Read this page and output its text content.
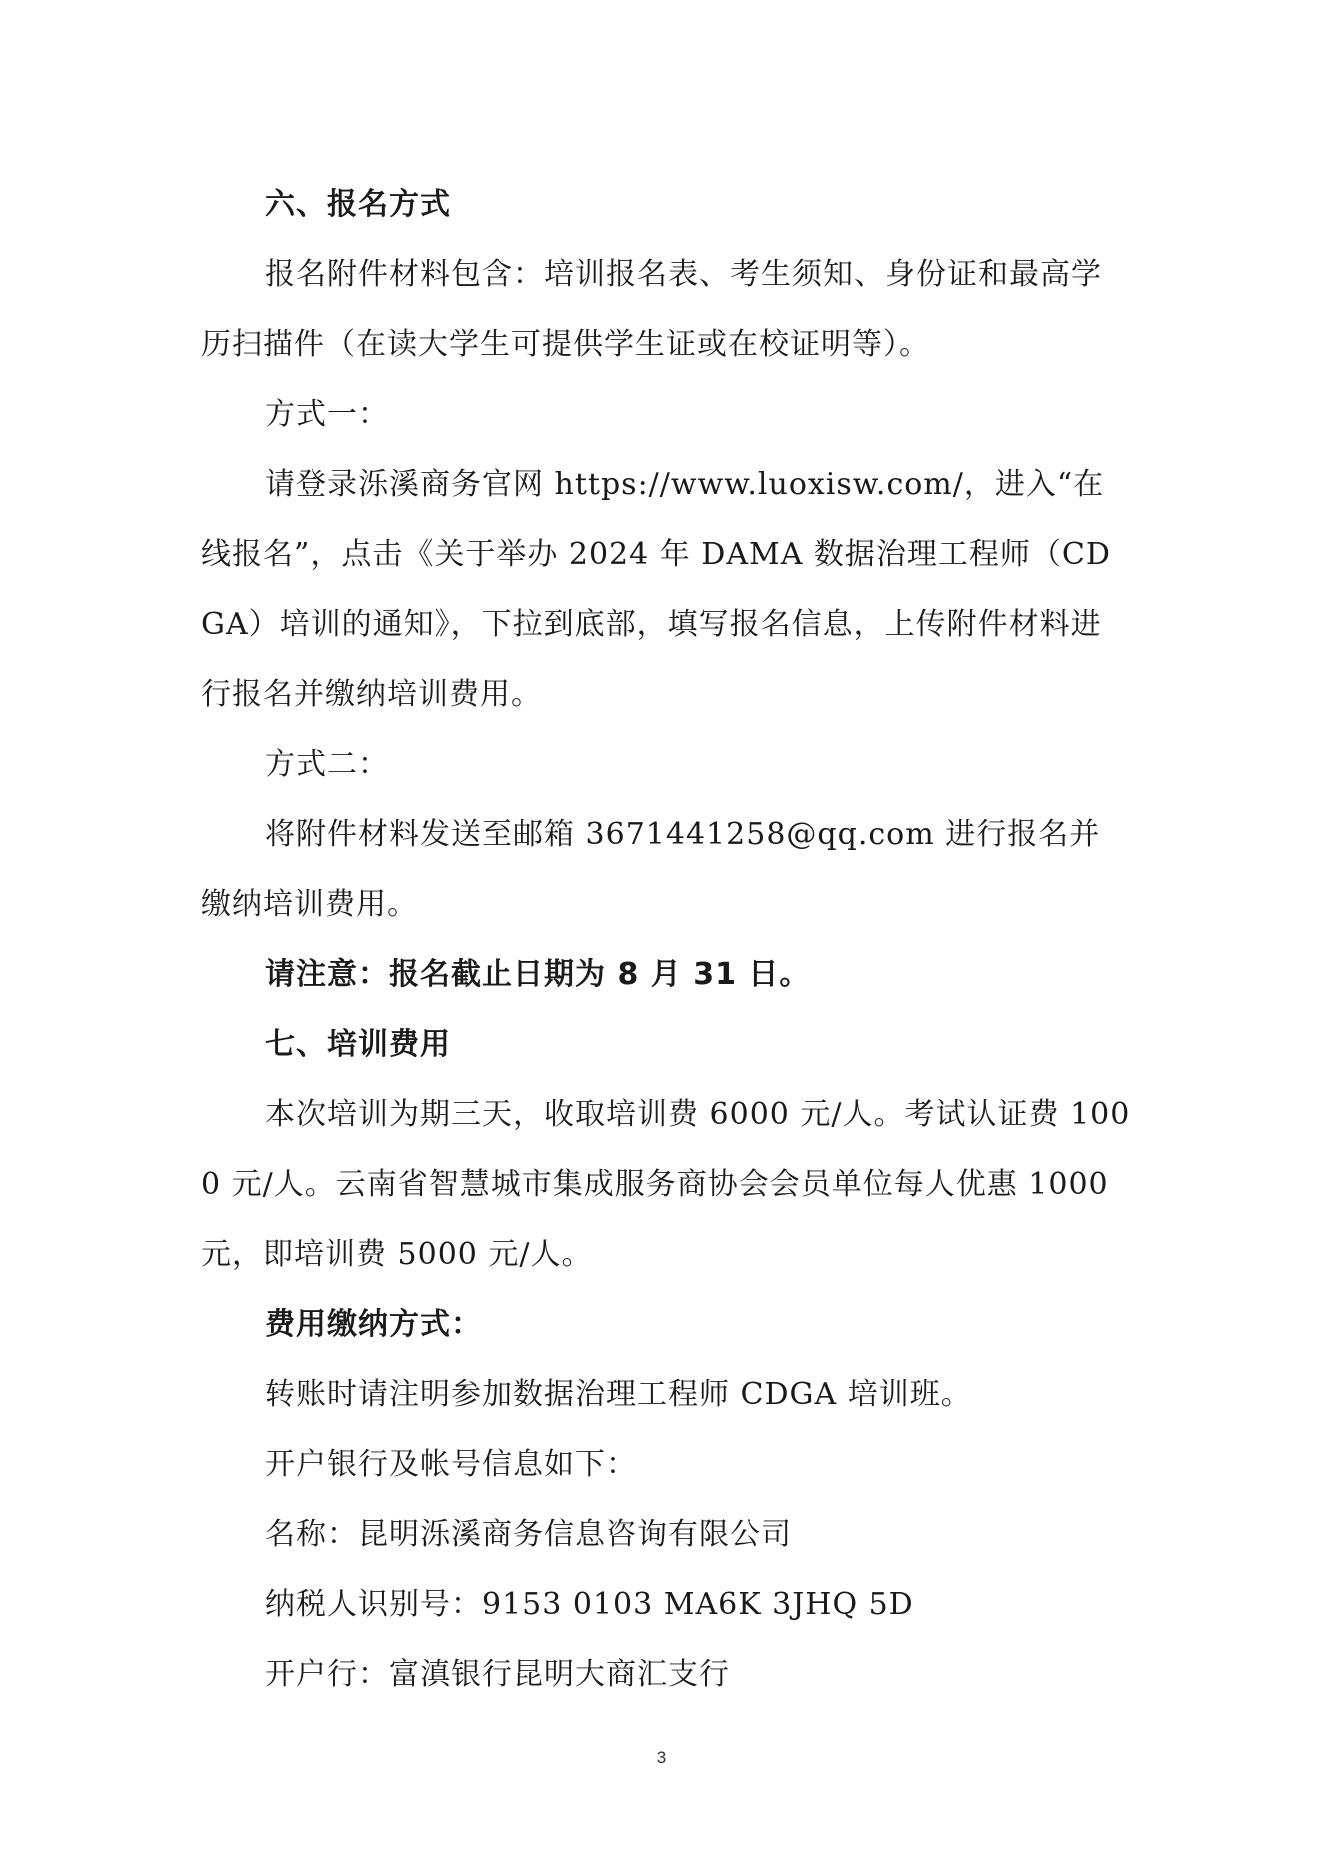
六、报名方式

报名附件材料包含：培训报名表、考生须知、身份证和最高学历扫描件（在读大学生可提供学生证或在校证明等）。

方式一：

请登录泺溪商务官网 https://www.luoxisw.com/，进入“在线报名”，点击《关于举办 2024 年 DAMA 数据治理工程师（CDGA）培训的通知》，下拉到底部，填写报名信息，上传附件材料进行报名并缴纳培训费用。

方式二：

将附件材料发送至邮箱 3671441258@qq.com 进行报名并缴纳培训费用。

请注意：报名截止日期为 8 月 31 日。

七、培训费用

本次培训为期三天，收取培训费 6000 元/人。考试认证费 1000 元/人。云南省智慧城市集成服务商协会会员单位每人优惠 1000 元，即培训费 5000 元/人。

费用缴纳方式：

转账时请注明参加数据治理工程师 CDGA 培训班。

开户银行及帐号信息如下：

名称：昆明泺溪商务信息咨询有限公司

纳税人识别号：9153 0103 MA6K 3JHQ 5D

开户行：富滇银行昆明大商汇支行

3
